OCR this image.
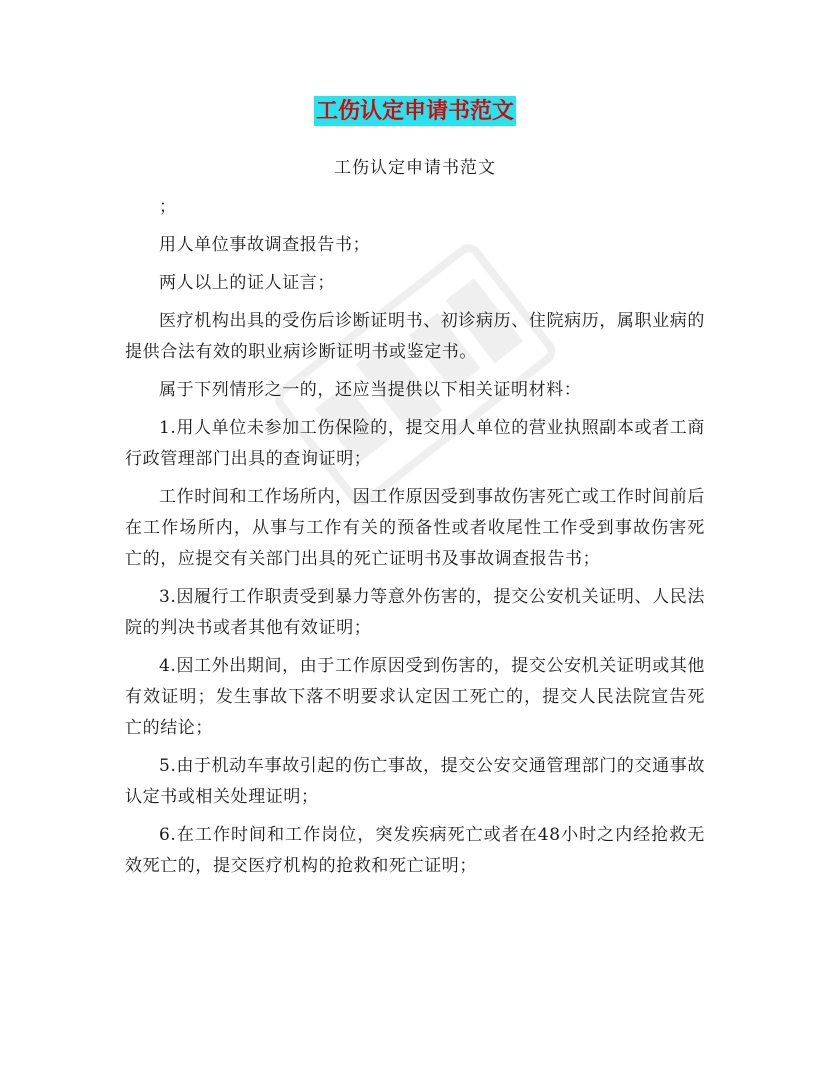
工伤认定申请书范文
工伤认定申请书范文

；

用人单位事故调查报告书；

两人以上的证人证言；

医疗机构出具的受伤后诊断证明书、初诊病历、住院病历，属职业病的提供合法有效的职业病诊断证明书或鉴定书。

属于下列情形之一的，还应当提供以下相关证明材料：

1.用人单位未参加工伤保险的，提交用人单位的营业执照副本或者工商行政管理部门出具的查询证明；

工作时间和工作场所内，因工作原因受到事故伤害死亡或工作时间前后在工作场所内，从事与工作有关的预备性或者收尾性工作受到事故伤害死亡的，应提交有关部门出具的死亡证明书及事故调查报告书；

3.因履行工作职责受到暴力等意外伤害的，提交公安机关证明、人民法院的判决书或者其他有效证明；

4.因工外出期间，由于工作原因受到伤害的，提交公安机关证明或其他有效证明；发生事故下落不明要求认定因工死亡的，提交人民法院宣告死亡的结论；

5.由于机动车事故引起的伤亡事故，提交公安交通管理部门的交通事故认定书或相关处理证明；

6.在工作时间和工作岗位，突发疾病死亡或者在48小时之内经抢救无效死亡的，提交医疗机构的抢救和死亡证明；
